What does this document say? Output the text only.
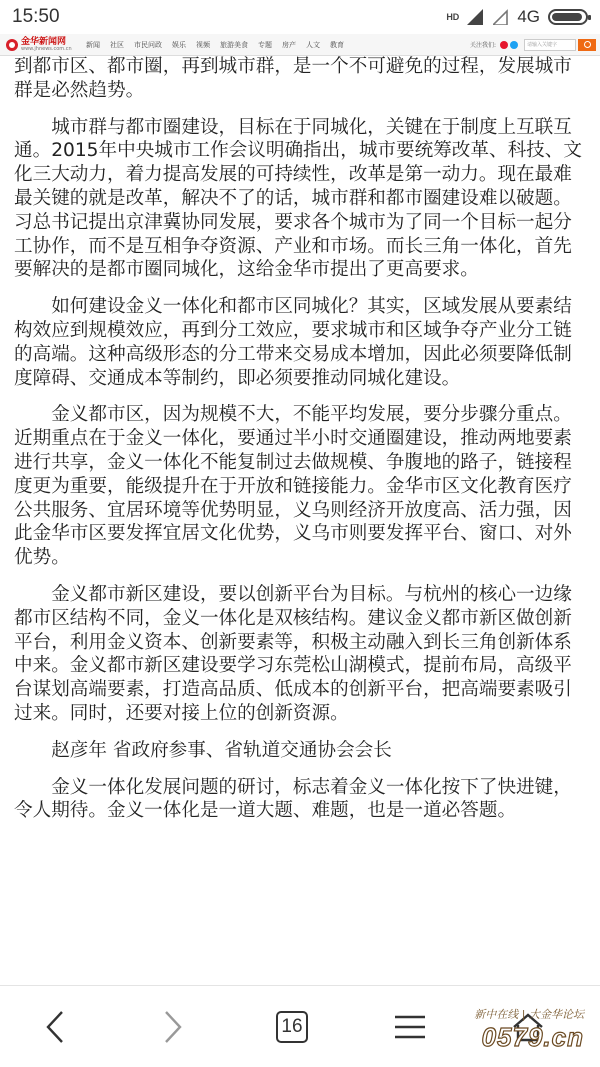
15:50	HD	4G
金华新闻网
www.jhnews.com.cn 新闻 社区 市民问政 娱乐 视频 旅游美食 专题 房产 人文 教育	关注我们:	请输入关键字

到都市区、都市圈，再到城市群，是一个不可避免的过程，发展城市群是必然趋势。

城市群与都市圈建设，目标在于同城化，关键在于制度上互联互通。2015年中央城市工作会议明确指出，城市要统筹改革、科技、文化三大动力，着力提高发展的可持续性，改革是第一动力。现在最难最关键的就是改革，解决不了的话，城市群和都市圈建设难以破题。习总书记提出京津冀协同发展，要求各个城市为了同一个目标一起分工协作，而不是互相争夺资源、产业和市场。而长三角一体化，首先要解决的是都市圈同城化，这给金华市提出了更高要求。

如何建设金义一体化和都市区同城化？其实，区域发展从要素结构效应到规模效应，再到分工效应，要求城市和区域争夺产业分工链的高端。这种高级形态的分工带来交易成本增加，因此必须要降低制度障碍、交通成本等制约，即必须要推动同城化建设。

金义都市区，因为规模不大，不能平均发展，要分步骤分重点。近期重点在于金义一体化，要通过半小时交通圈建设，推动两地要素进行共享，金义一体化不能复制过去做规模、争腹地的路子，链接程度更为重要，能级提升在于开放和链接能力。金华市区文化教育医疗公共服务、宜居环境等优势明显，义乌则经济开放度高、活力强，因此金华市区要发挥宜居文化优势，义乌市则要发挥平台、窗口、对外优势。

金义都市新区建设，要以创新平台为目标。与杭州的核心一边缘都市区结构不同，金义一体化是双核结构。建议金义都市新区做创新平台，利用金义资本、创新要素等，积极主动融入到长三角创新体系中来。金义都市新区建设要学习东莞松山湖模式，提前布局，高级平台谋划高端要素，打造高品质、低成本的创新平台，把高端要素吸引过来。同时，还要对接上位的创新资源。

赵彦年 省政府参事、省轨道交通协会会长

金义一体化发展问题的研讨，标志着金义一体化按下了快进键，令人期待。金义一体化是一道大题、难题，也是一道必答题。

16
新中在线 | 大金华论坛
0579.cn
